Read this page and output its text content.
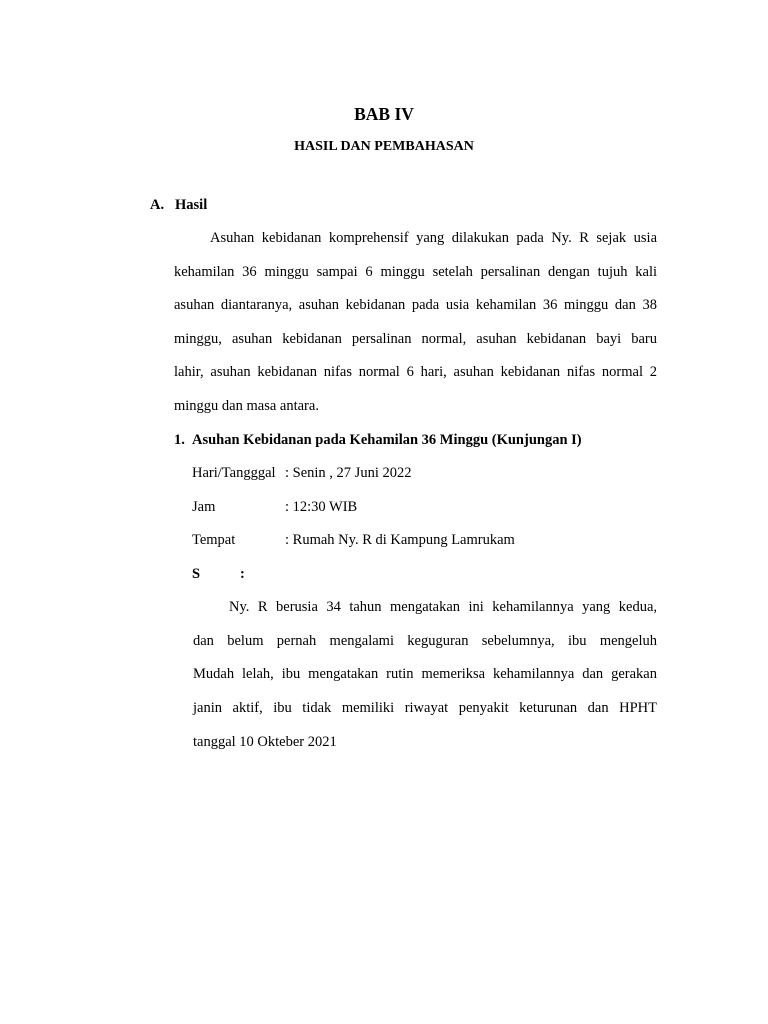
BAB IV
HASIL DAN PEMBAHASAN
A. Hasil
Asuhan kebidanan komprehensif yang dilakukan pada Ny. R sejak usia
kehamilan 36 minggu sampai 6 minggu setelah persalinan dengan tujuh kali
asuhan diantaranya, asuhan kebidanan pada usia kehamilan 36 minggu dan 38
minggu, asuhan kebidanan persalinan normal, asuhan kebidanan bayi baru
lahir, asuhan kebidanan nifas normal 6 hari, asuhan kebidanan nifas normal 2
minggu dan masa antara.
1. Asuhan Kebidanan pada Kehamilan 36 Minggu (Kunjungan I)
Hari/Tangggal : Senin , 27 Juni 2022
Jam	: 12:30 WIB
Tempat	: Rumah Ny. R di Kampung Lamrukam
S	:
Ny. R berusia 34 tahun mengatakan ini kehamilannya yang kedua,
dan belum pernah mengalami keguguran sebelumnya, ibu mengeluh
Mudah lelah, ibu mengatakan rutin memeriksa kehamilannya dan gerakan
janin aktif, ibu tidak memiliki riwayat penyakit keturunan dan HPHT
tanggal 10 Okteber 2021
